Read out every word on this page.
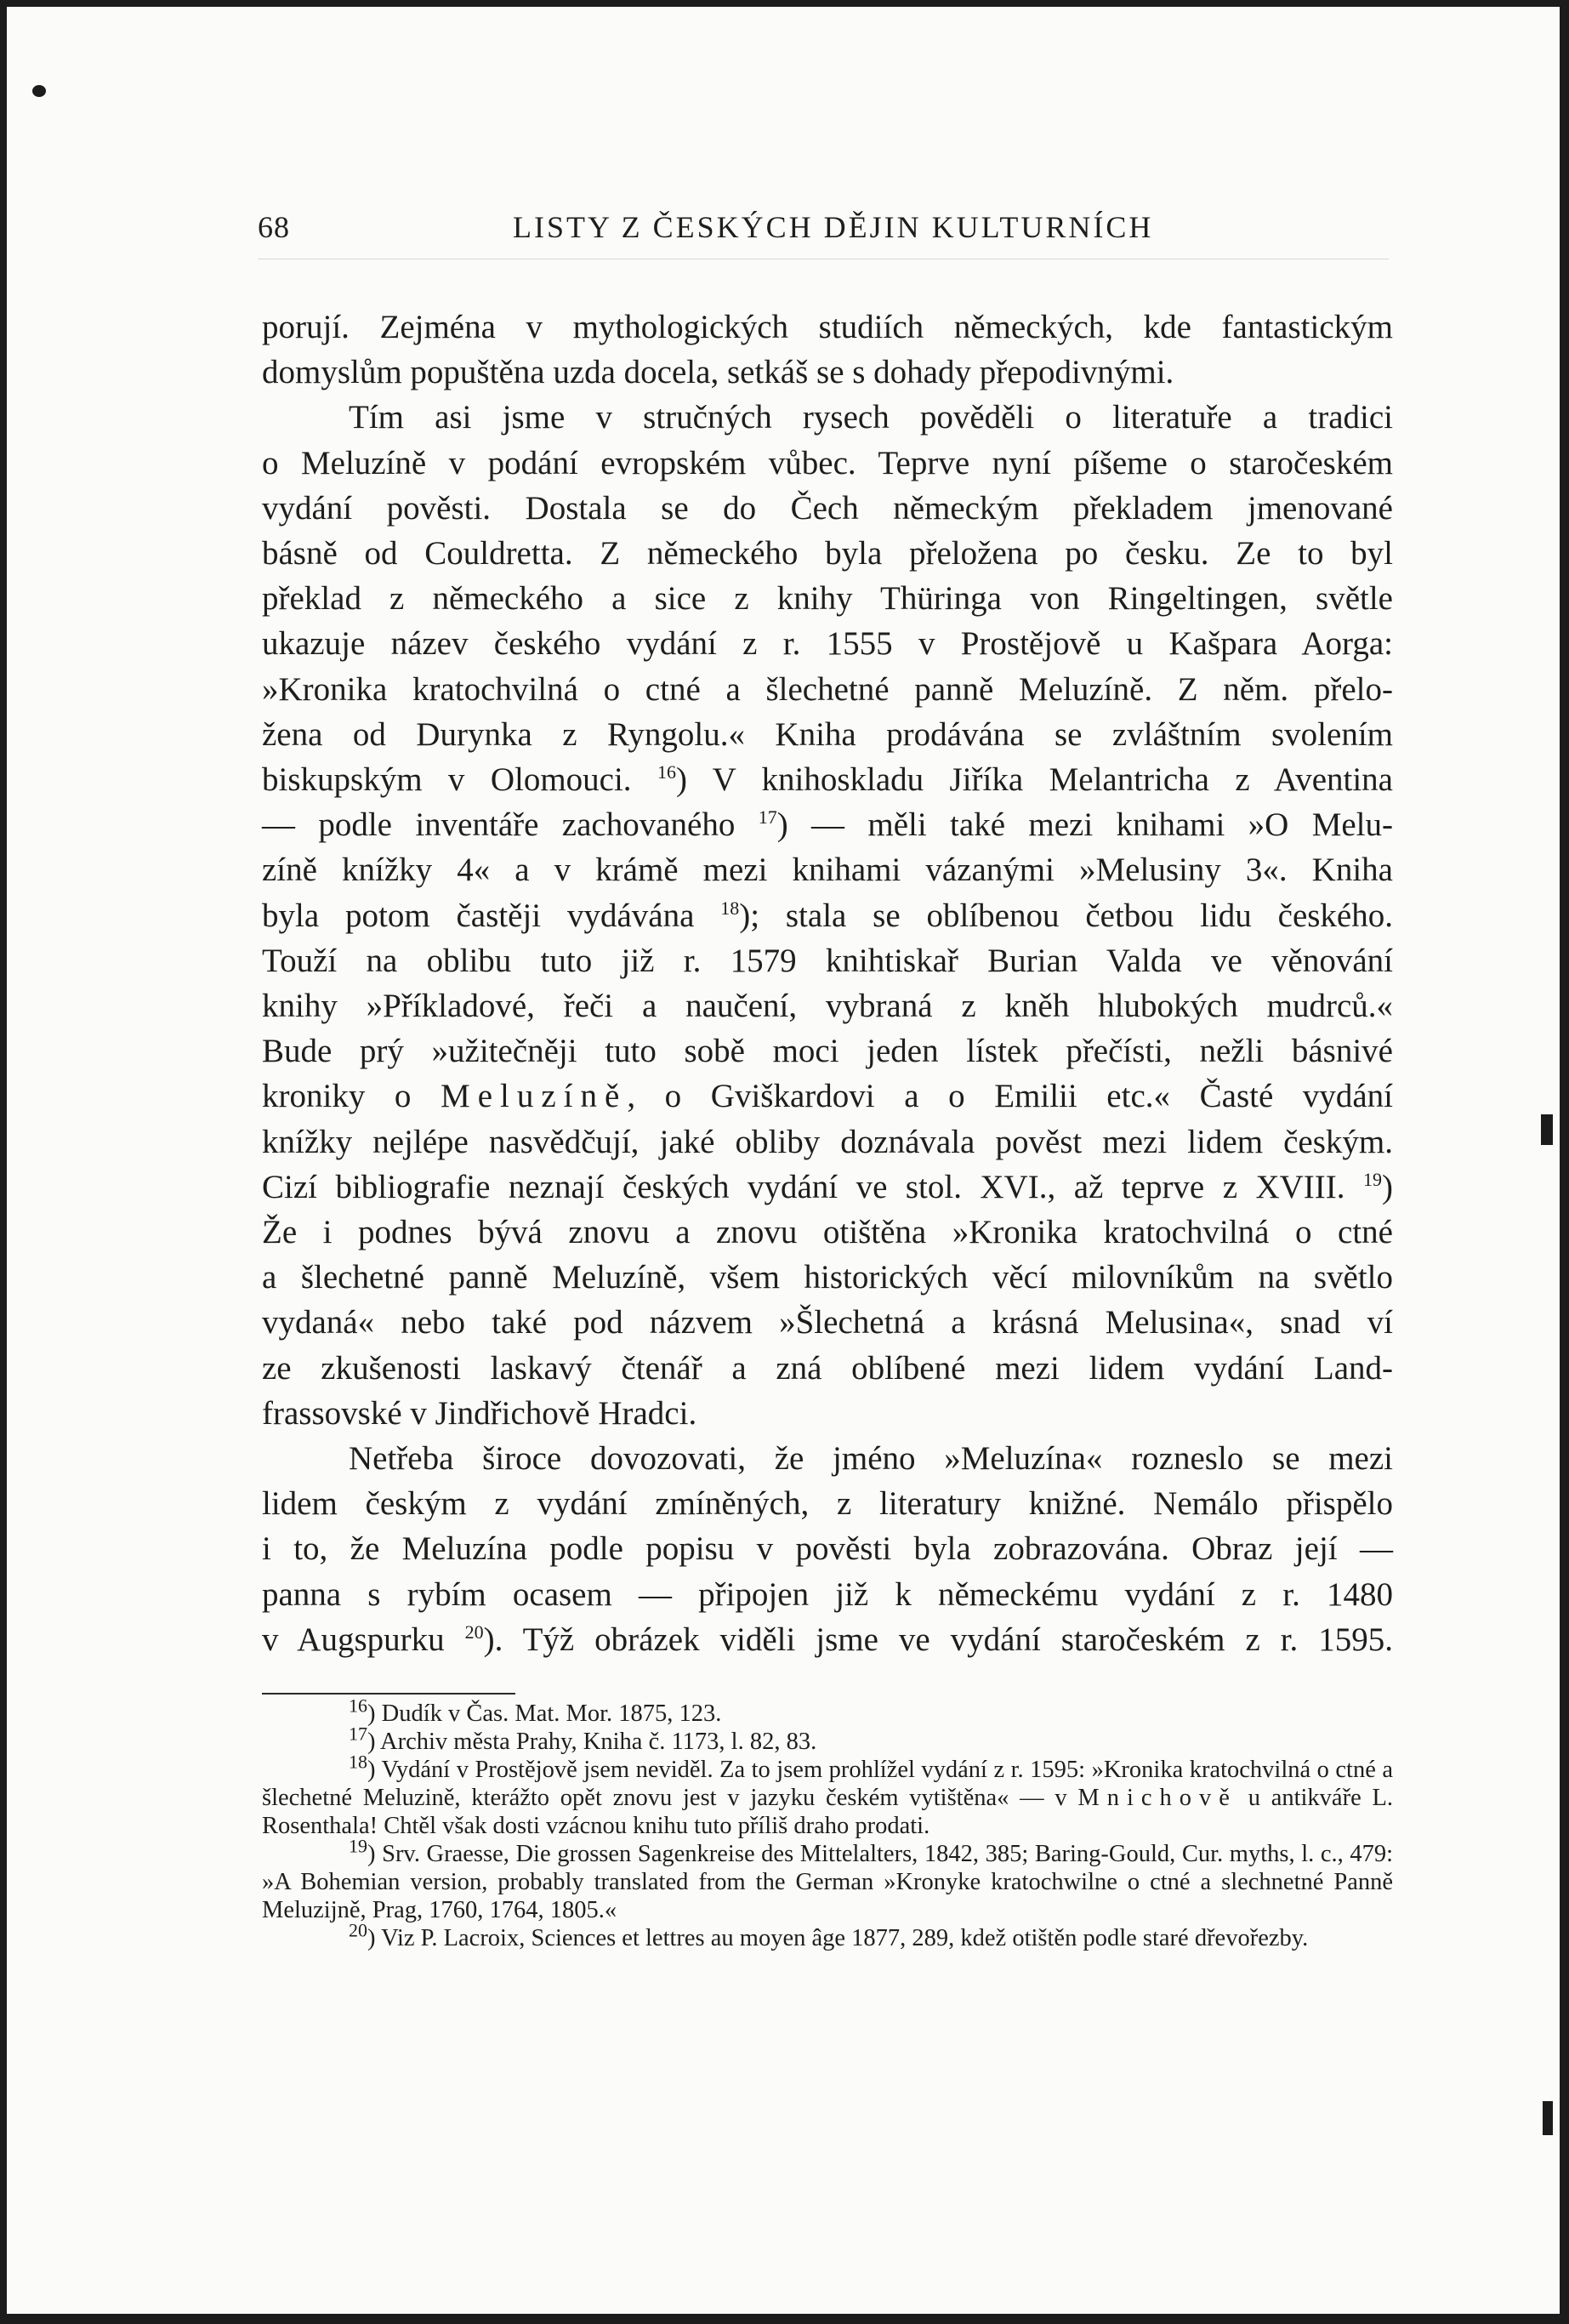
68	LISTY Z ČESKÝCH DĚJIN KULTURNÍCH

porují. Zejména v mythologických studiích německých, kde fantastickým

domyslům popuštěna uzda docela, setkáš se s dohady přepodivnými.

Tím asi jsme v stručných rysech pověděli o literatuře a tradici

o Meluzíně v podání evropském vůbec. Teprve nyní píšeme o staročeském

vydání pověsti. Dostala se do Čech německým překladem jmenované

básně od Couldretta. Z německého byla přeložena po česku. Ze to byl

překlad z německého a sice z knihy Thüringa von Ringeltingen, světle

ukazuje název českého vydání z r. 1555 v Prostějově u Kašpara Aorga:

»Kronika kratochvilná o ctné a šlechetné panně Meluzíně. Z něm. přelo-

žena od Durynka z Ryngolu.« Kniha prodávána se zvláštním svolením

biskupským v Olomouci. $^{16}$) V knihoskladu Jiříka Melantricha z Aventina

— podle inventáře zachovaného $^{17}$) — měli také mezi knihami »O Melu-

zíně knížky 4« a v krámě mezi knihami vázanými »Melusiny 3«. Kniha

byla potom častěji vydávána $^{18}$); stala se oblíbenou četbou lidu českého.

Touží na oblibu tuto již r. 1579 knihtiskař Burian Valda ve věnování

knihy »Příkladové, řeči a naučení, vybraná z kněh hlubokých mudrců.«

Bude prý »užitečněji tuto sobě moci jeden lístek přečísti, nežli básnivé

kroniky o Meluzíně, o Gviškardovi a o Emilii etc.« Časté vydání

knížky nejlépe nasvědčují, jaké obliby doznávala pověst mezi lidem českým.

Cizí bibliografie neznají českých vydání ve stol. XVI., až teprve z XVIII. $^{19}$)

Že i podnes bývá znovu a znovu otištěna »Kronika kratochvilná o ctné

a šlechetné panně Meluzíně, všem historických věcí milovníkům na světlo

vydaná« nebo také pod názvem »Šlechetná a krásná Melusina«, snad ví

ze zkušenosti laskavý čtenář a zná oblíbené mezi lidem vydání Land-

frassovské v Jindřichově Hradci.

Netřeba široce dovozovati, že jméno »Meluzína« rozneslo se mezi

lidem českým z vydání zmíněných, z literatury knižné. Nemálo přispělo

i to, že Meluzína podle popisu v pověsti byla zobrazována. Obraz její —

panna s rybím ocasem — připojen již k německému vydání z r. 1480

v Augspurku $^{20}$). Týž obrázek viděli jsme ve vydání staročeském z r. 1595.

$^{16}$) Dudík v Čas. Mat. Mor. 1875, 123.

$^{17}$) Archiv města Prahy, Kniha č. 1173, l. 82, 83.

$^{18}$) Vydání v Prostějově jsem neviděl. Za to jsem prohlížel vydání z r. 1595: »Kronika kratochvilná o ctné a šlechetné Meluzině, kterážto opět znovu jest v jazyku českém vytištěna« — v Mnichově u antikváře L. Rosenthala! Chtěl však dosti vzácnou knihu tuto příliš draho prodati.

$^{19}$) Srv. Graesse, Die grossen Sagenkreise des Mittelalters, 1842, 385; Baring-Gould, Cur. myths, l. c., 479: »A Bohemian version, probably translated from the German »Kronyke kratochwilne o ctné a slechnetné Panně Meluzijně, Prag, 1760, 1764, 1805.«

$^{20}$) Viz P. Lacroix, Sciences et lettres au moyen âge 1877, 289, kdež otištěn podle staré dřevořezby.
